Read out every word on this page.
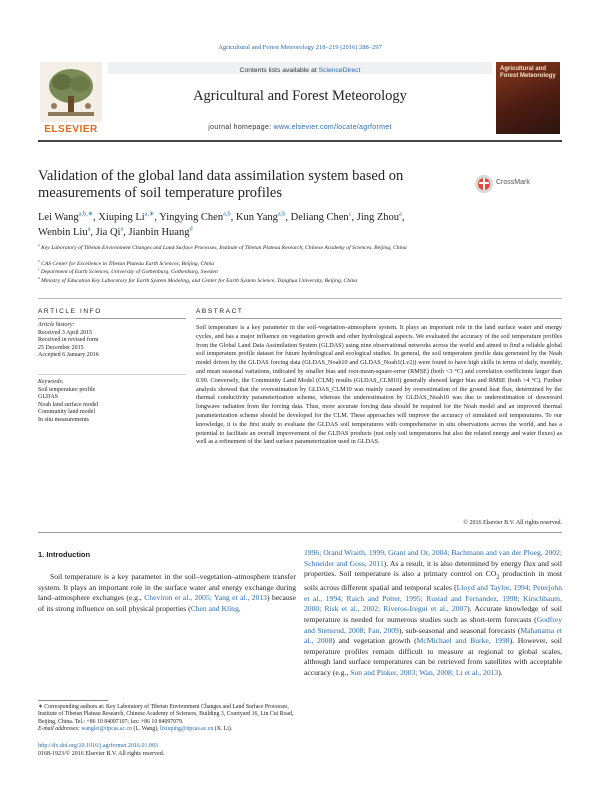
Agricultural and Forest Meteorology 218–219 (2016) 288–297
ELSEVIER
Contents lists available at ScienceDirect
Agricultural and Forest Meteorology
journal homepage: www.elsevier.com/locate/agrformet
Agricultural and Forest Meteorology
Validation of the global land data assimilation system based on measurements of soil temperature profiles
CrossMark
Lei Wang$^{a,b,∗}$, Xiuping $Li^{a,∗}$, Yingying Chen$^{a,b}$, Kun Yang$^{a,b}$, Deliang Chen$^c$, Jing Zhou$^a$,
Wenbin Liu$^a$, Jia Qi$^a$, Jianbin Huang$^d$
$^a$ Key Laboratory of Tibetan Environment Changes and Land Surface Processes, Institute of Tibetan Plateau Research, Chinese Academy of Sciences, Beijing, China
$^b$ CAS Center for Excellence in Tibetan Plateau Earth Sciences, Beijing, China
$^c$ Department of Earth Sciences, University of Gothenburg, Gothenburg, Sweden
$^d$ Ministry of Education Key Laboratory for Earth System Modeling, and Center for Earth System Science, Tsinghua University, Beijing, China
ARTICLE INFO
Article history:
Received 3 April 2015
Received in revised form
25 December 2015
Accepted 6 January 2016
Keywords:
Soil temperature profile
GLDAS
Noah land surface model
Community land model
In situ measurements
ABSTRACT
Soil temperature is a key parameter in the soil–vegetation–atmosphere system. It plays an important role in the land surface water and energy cycles, and has a major influence on vegetation growth and other hydrological aspects. We evaluated the accuracy of the soil temperature profiles from the Global Land Data Assimilation System (GLDAS) using nine observational networks across the world and aimed to find a reliable global soil temperature profile dataset for future hydrological and ecological studies. In general, the soil temperature profile data generated by the Noah model driven by the GLDAS forcing data (GLDAS_Noah10 and GLDAS_Noah1(Lv2)) were found to have high skills in terms of daily, monthly, and mean seasonal variations, indicated by smaller bias and root-mean-square-error (RMSE) (both <3 °C) and correlation coefficients larger than 0.90. Conversely, the Community Land Model (CLM) results (GLDAS_CLM10) generally showed larger bias and RMSE (both >4 °C). Further analysis showed that the overestimation by GLDAS_CLM10 was mainly caused by overestimation of the ground heat flux, determined by the thermal conductivity parameterization scheme, whereas the underestimation by GLDAS_Noah10 was due to underestimation of downward longwave radiation from the forcing data. Thus, more accurate forcing data should be required for the Noah model and an improved thermal parameterization scheme should be developed for the CLM. These approaches will improve the accuracy of simulated soil temperatures. To our knowledge, it is the first study to evaluate the GLDAS soil temperatures with comprehensive in situ observations across the world, and has a potential to facilitate an overall improvement of the GLDAS products (not only soil temperatures but also the related energy and water fluxes) as well as a refinement of the land surface parameterization used in GLDAS.
© 2016 Elsevier B.V. All rights reserved.
1. Introduction
Soil temperature is a key parameter in the soil–vegetation–atmosphere transfer system. It plays an important role in the surface water and energy exchange during land–atmosphere exchanges (e.g., Cheviron et al., 2005; Yang et al., 2013) because of its strong influence on soil physical properties (Chen and Kling,
1996; Orand Wraith, 1999; Grant and Or, 2004; Bachmann and van der Ploeg, 2002; Schneider and Goss, 2011). As a result, it is also determined by energy flux and soil properties. Soil temperature is also a primary control on $CO_2$ production in most soils across different spatial and temporal scales (Lloyd and Taylor, 1994; Peterjohn et al., 1994; Raich and Potter, 1995; Rustad and Fernandez, 1998; Kirschbaum, 2000; Risk et al., 2002; Riveros-Iregui et al., 2007). Accurate knowledge of soil temperature is needed for numerous studies such as short-term forecasts (Godfrey and Stensrud, 2008; Fan, 2009), sub-seasonal and seasonal forecasts (Mahanama et al., 2008) and vegetation growth (McMichael and Burke, 1998). However, soil temperature profiles remain difficult to measure at regional to global scales, although land surface temperatures can be retrieved from satellites with acceptable accuracy (e.g., Sun and Pinker, 2003; Wan, 2008; Li et al., 2013).
∗ Corresponding authors at: Key Laboratory of Tibetan Environment Changes and Land Surface Processes, Institute of Tibetan Plateau Research, Chinese Academy of Sciences, Building 3, Courtyard 16, Lin Cui Road, Beijing, China. Tel.: +86 10 84097107; fax: +86 10 84097079.
E-mail addresses: wanglei@itpcas.ac.cn (L. Wang), lixiuping@itpcas.ac.cn (X. Li).
http://dx.doi.org/10.1016/j.agrformet.2016.01.003
0168-1923/© 2016 Elsevier B.V. All rights reserved.
